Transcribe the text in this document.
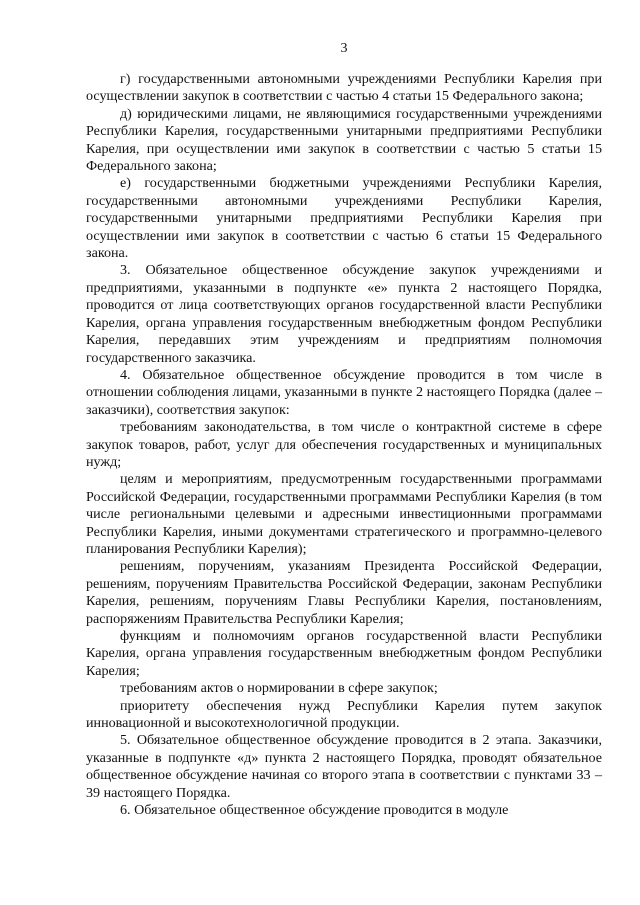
3

г) государственными автономными учреждениями Республики Карелия при осуществлении закупок в соответствии с частью 4 статьи 15 Федерального закона;

д) юридическими лицами, не являющимися государственными учреждениями Республики Карелия, государственными унитарными предприятиями Республики Карелия, при осуществлении ими закупок в соответствии с частью 5 статьи 15 Федерального закона;

е) государственными бюджетными учреждениями Республики Карелия, государственными автономными учреждениями Республики Карелия, государственными унитарными предприятиями Республики Карелия при осуществлении ими закупок в соответствии с частью 6 статьи 15 Федерального закона.

3. Обязательное общественное обсуждение закупок учреждениями и предприятиями, указанными в подпункте «е» пункта 2 настоящего Порядка, проводится от лица соответствующих органов государственной власти Республики Карелия, органа управления государственным внебюджетным фондом Республики Карелия, передавших этим учреждениям и предприятиям полномочия государственного заказчика.

4. Обязательное общественное обсуждение проводится в том числе в отношении соблюдения лицами, указанными в пункте 2 настоящего Порядка (далее – заказчики), соответствия закупок:

требованиям законодательства, в том числе о контрактной системе в сфере закупок товаров, работ, услуг для обеспечения государственных и муниципальных нужд;

целям и мероприятиям, предусмотренным государственными программами Российской Федерации, государственными программами Республики Карелия (в том числе региональными целевыми и адресными инвестиционными программами Республики Карелия, иными документами стратегического и программно-целевого планирования Республики Карелия);

решениям, поручениям, указаниям Президента Российской Федерации, решениям, поручениям Правительства Российской Федерации, законам Республики Карелия, решениям, поручениям Главы Республики Карелия, постановлениям, распоряжениям Правительства Республики Карелия;

функциям и полномочиям органов государственной власти Республики Карелия, органа управления государственным внебюджетным фондом Республики Карелия;

требованиям актов о нормировании в сфере закупок;

приоритету обеспечения нужд Республики Карелия путем закупок инновационной и высокотехнологичной продукции.

5. Обязательное общественное обсуждение проводится в 2 этапа. Заказчики, указанные в подпункте «д» пункта 2 настоящего Порядка, проводят обязательное общественное обсуждение начиная со второго этапа в соответствии с пунктами 33 – 39 настоящего Порядка.

6. Обязательное общественное обсуждение проводится в модуле
